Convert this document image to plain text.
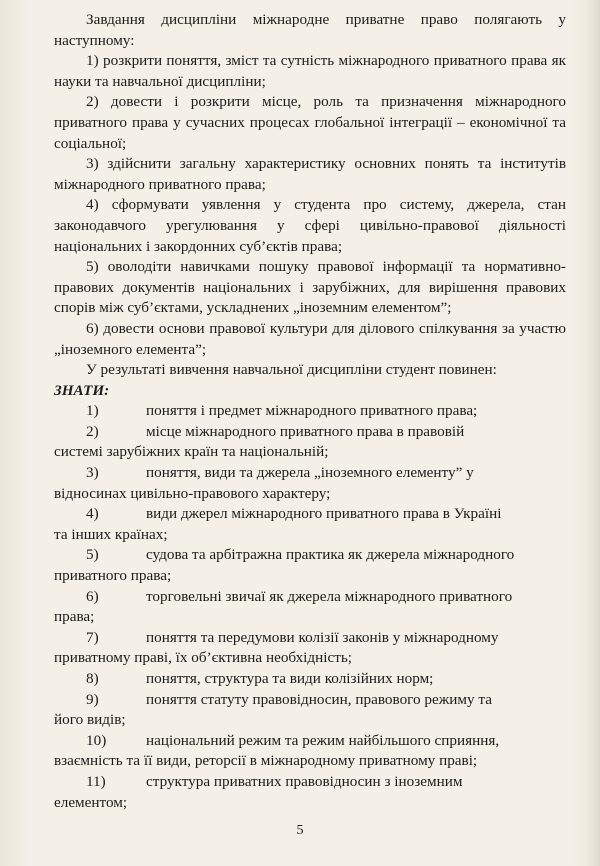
Завдання дисципліни міжнародне приватне право полягають у наступному:

1) розкрити поняття, зміст та сутність міжнародного приватного права як науки та навчальної дисципліни;

2) довести і розкрити місце, роль та призначення міжнародного приватного права у сучасних процесах глобальної інтеграції – економічної та соціальної;

3) здійснити загальну характеристику основних понять та інститутів міжнародного приватного права;

4) сформувати уявлення у студента про систему, джерела, стан законодавчого урегулювання у сфері цивільно-правової діяльності національних і закордонних суб’єктів права;

5) оволодіти навичками пошуку правової інформації та нормативно-правових документів національних і зарубіжних, для вирішення правових спорів між суб’єктами, ускладнених „іноземним елементом”;

6) довести основи правової культури для ділового спілкування за участю „іноземного елемента”;

У результаті вивчення навчальної дисципліни студент повинен:

ЗНАТИ:

1)	поняття і предмет міжнародного приватного права;

2)	місце міжнародного приватного права в правовій

системі зарубіжних країн та національній;

3)	поняття, види та джерела „іноземного елементу” у

відносинах цивільно-правового характеру;

4)	види джерел міжнародного приватного права в Україні

та інших країнах;

5)	судова та арбітражна практика як джерела міжнародного

приватного права;

6)	торговельні звичаї як джерела міжнародного приватного

права;

7)	поняття та передумови колізії законів у міжнародному

приватному праві, їх об’єктивна необхідність;

8)	поняття, структура та види колізійних норм;

9)	поняття статуту правовідносин, правового режиму та

його видів;

10)	національний режим та режим найбільшого сприяння,

взаємність та її види, реторсії в міжнародному приватному праві;

11)	структура приватних правовідносин з іноземним

елементом;

5
